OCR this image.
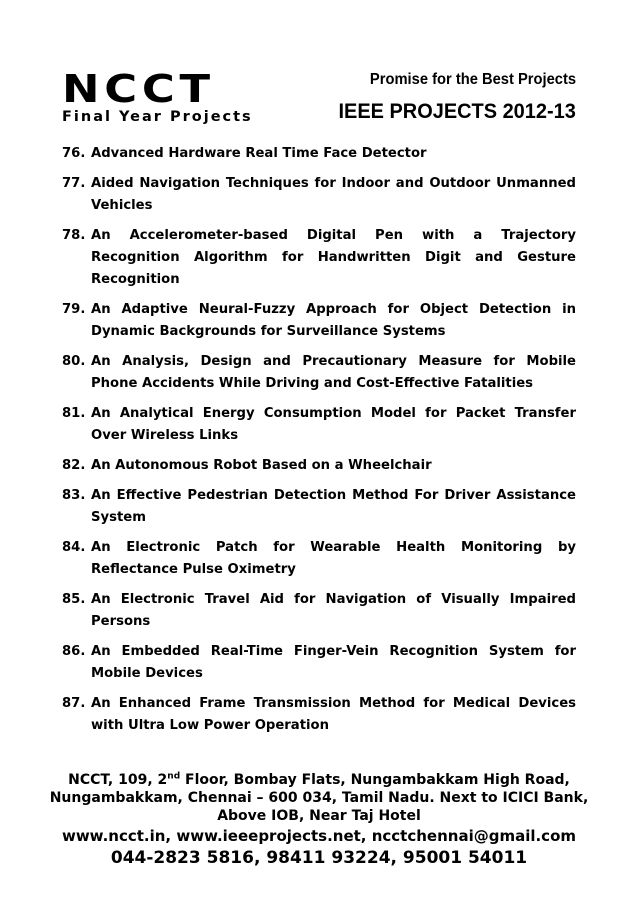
NCCT
Final Year Projects
Promise for the Best Projects
IEEE PROJECTS 2012-13
76. Advanced Hardware Real Time Face Detector
77. Aided Navigation Techniques for Indoor and Outdoor Unmanned Vehicles
78. An Accelerometer-based Digital Pen with a Trajectory Recognition Algorithm for Handwritten Digit and Gesture Recognition
79. An Adaptive Neural-Fuzzy Approach for Object Detection in Dynamic Backgrounds for Surveillance Systems
80. An Analysis, Design and Precautionary Measure for Mobile Phone Accidents While Driving and Cost-Effective Fatalities
81. An Analytical Energy Consumption Model for Packet Transfer Over Wireless Links
82. An Autonomous Robot Based on a Wheelchair
83. An Effective Pedestrian Detection Method For Driver Assistance System
84. An Electronic Patch for Wearable Health Monitoring by Reflectance Pulse Oximetry
85. An Electronic Travel Aid for Navigation of Visually Impaired Persons
86. An Embedded Real-Time Finger-Vein Recognition System for Mobile Devices
87. An Enhanced Frame Transmission Method for Medical Devices with Ultra Low Power Operation

NCCT, 109, 2nd Floor, Bombay Flats, Nungambakkam High Road, Nungambakkam, Chennai – 600 034, Tamil Nadu. Next to ICICI Bank, Above IOB, Near Taj Hotel

www.ncct.in, www.ieeeprojects.net, ncctchennai@gmail.com

044-2823 5816, 98411 93224, 95001 54011
